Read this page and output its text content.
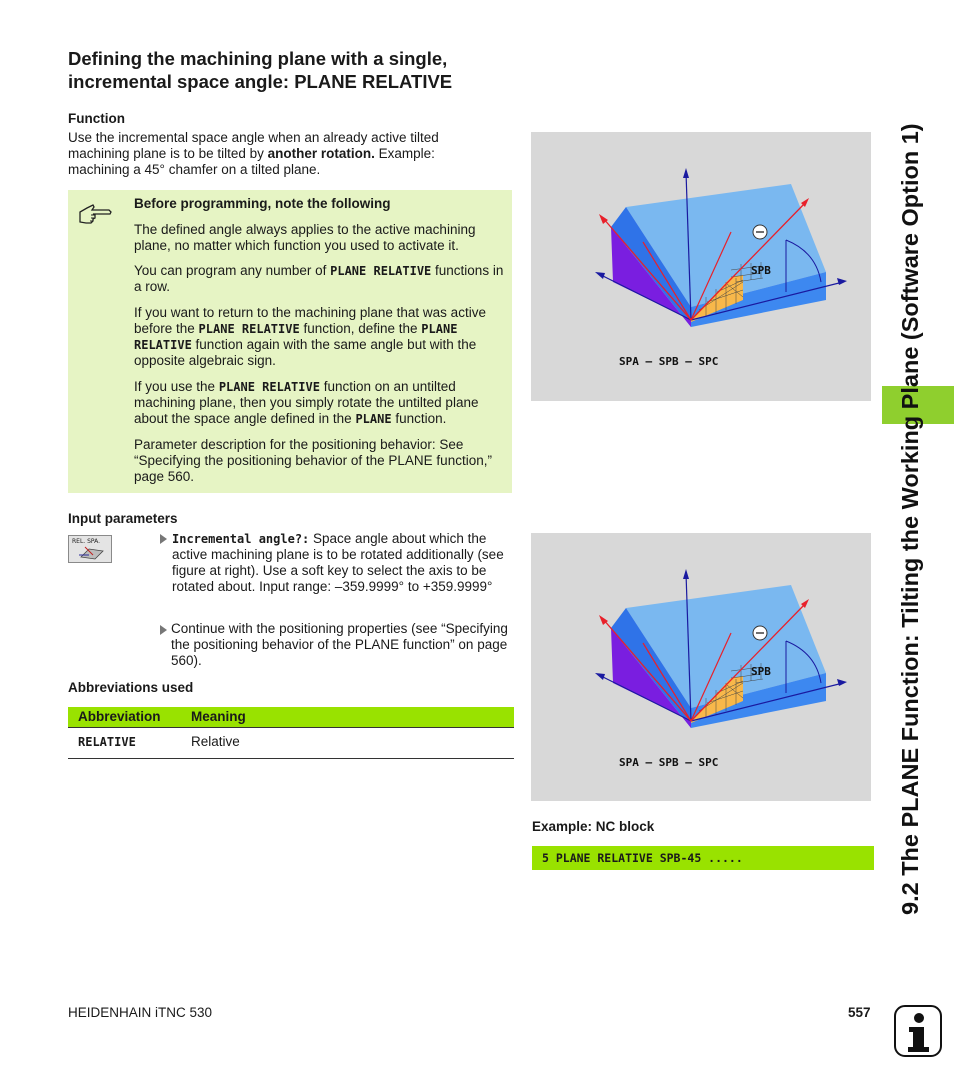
Defining the machining plane with a single, incremental space angle: PLANE RELATIVE
Function
Use the incremental space angle when an already active tilted machining plane is to be tilted by another rotation. Example: machining a 45° chamfer on a tilted plane.
Before programming, note the following
The defined angle always applies to the active machining plane, no matter which function you used to activate it.
You can program any number of PLANE RELATIVE functions in a row.
If you want to return to the machining plane that was active before the PLANE RELATIVE function, define the PLANE RELATIVE function again with the same angle but with the opposite algebraic sign.
If you use the PLANE RELATIVE function on an untilted machining plane, then you simply rotate the untilted plane about the space angle defined in the PLANE function.
Parameter description for the positioning behavior: See “Specifying the positioning behavior of the PLANE function,” page 560.
Input parameters
REL. SPA.	Incremental angle?: Space angle about which the active machining plane is to be rotated additionally (see figure at right). Use a soft key to select the axis to be rotated about. Input range: –359.9999° to +359.9999°
Continue with the positioning properties (see “Specifying the positioning behavior of the PLANE function” on page 560).
Abbreviations used
Abbreviation Meaning
RELATIVE	Relative
SPB
SPA – SPB – SPC
SPB
SPA – SPB – SPC
Example: NC block
5 PLANE RELATIVE SPB-45 .....	9.2 The PLANE Function: Tilting the Working Plane (Software Option 1)
HEIDENHAIN iTNC 530	557
